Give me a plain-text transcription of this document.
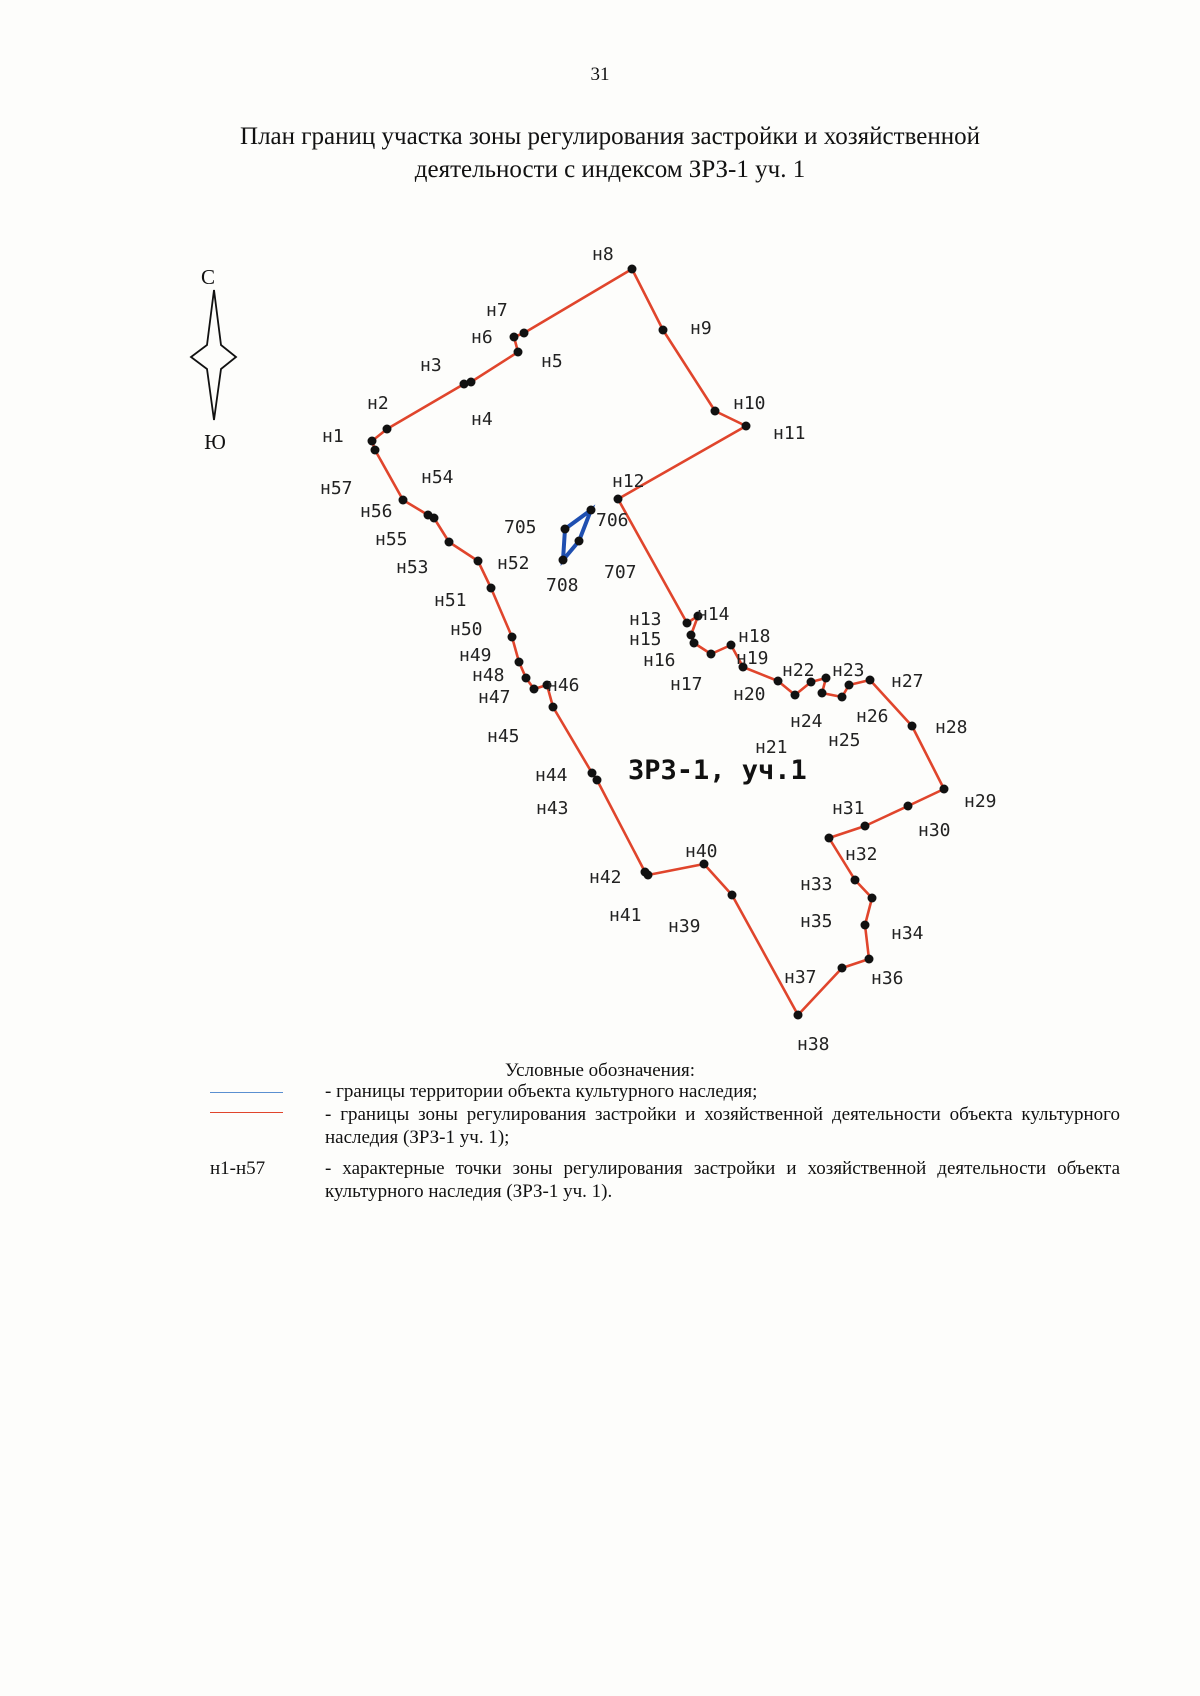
31
План границ участка зоны регулирования застройки и хозяйственной
деятельности с индексом ЗРЗ-1 уч. 1
С
Ю	н1
н2
н3
н4
н5
н6
н7
н8
н9
н10
н11
н12
н13 н14
н15
н16
н17
н18
н19
н20
н21
н22 н23
н24
н25
н26
н27
н28
н29
н30
н31
н32
н33
н34
н35
н36
н37
н38
н39
н40
н41
н42
н43
н44
н45
н46
н47
н48
н49
н50
н51
н52
н53
н54
н55
н56
н57
705	706
707
708
ЗРЗ-1, уч.1
Условные обозначения:
- границы территории объекта культурного наследия;
- границы зоны регулирования застройки и хозяйственной деятельности объекта культурного наследия (ЗРЗ-1 уч. 1);
н1-н57	- характерные точки зоны регулирования застройки и хозяйственной деятельности объекта культурного наследия (ЗРЗ-1 уч. 1).
